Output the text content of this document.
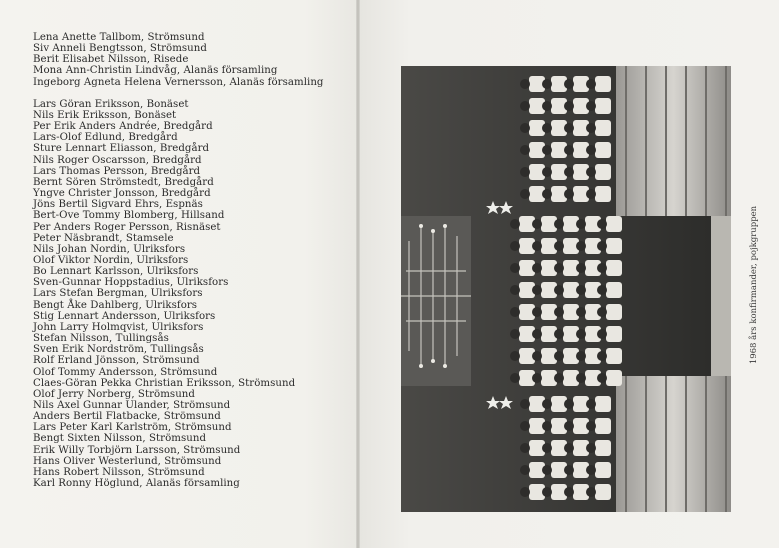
Lena Anette Tallbom, Strömsund
Siv Anneli Bengtsson, Strömsund
Berit Elisabet Nilsson, Risede
Mona Ann-Christin Lindvåg, Alanäs församling
Ingeborg Agneta Helena Vernersson, Alanäs församling
Lars Göran Eriksson, Bonäset
Nils Erik Eriksson, Bonäset
Per Erik Anders Andrée, Bredgård
Lars-Olof Edlund, Bredgård
Sture Lennart Eliasson, Bredgård
Nils Roger Oscarsson, Bredgård
Lars Thomas Persson, Bredgård
Bernt Sören Strömstedt, Bredgård
Yngve Christer Jonsson, Bredgård
Jöns Bertil Sigvard Ehrs, Espnäs
Bert-Ove Tommy Blomberg, Hillsand
Per Anders Roger Persson, Risnäset
Peter Näsbrandt, Stamsele
Nils Johan Nordin, Ulriksfors
Olof Viktor Nordin, Ulriksfors
Bo Lennart Karlsson, Ulriksfors
Sven-Gunnar Hoppstadius, Ulriksfors
Lars Stefan Bergman, Ulriksfors
Bengt Åke Dahlberg, Ulriksfors
Stig Lennart Andersson, Ulriksfors
John Larry Holmqvist, Ulriksfors
Stefan Nilsson, Tullingsås
Sven Erik Nordström, Tullingsås
Rolf Erland Jönsson, Strömsund
Olof Tommy Andersson, Strömsund
Claes-Göran Pekka Christian Eriksson, Strömsund
Olof Jerry Norberg, Strömsund
Nils Axel Gunnar Ulander, Strömsund
Anders Bertil Flatbacke, Strömsund
Lars Peter Karl Karlström, Strömsund
Bengt Sixten Nilsson, Strömsund
Erik Willy Torbjörn Larsson, Strömsund
Hans Oliver Westerlund, Strömsund
Hans Robert Nilsson, Strömsund
Karl Ronny Höglund, Alanäs församling
1968 års konfirmander, pojkgruppen
